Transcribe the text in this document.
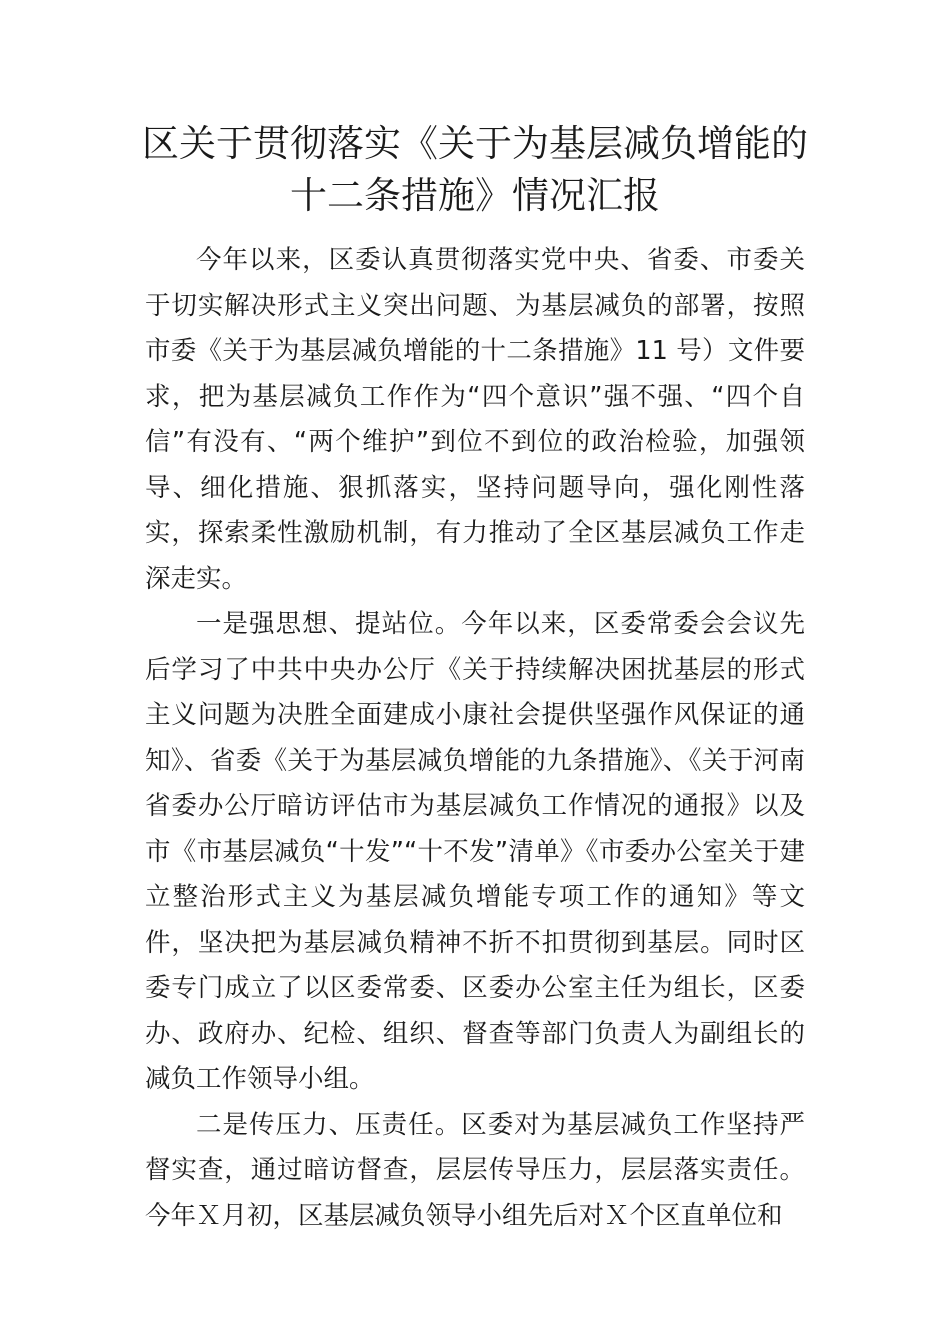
区关于贯彻落实《关于为基层减负增能的
十二条措施》情况汇报

今年以来，区委认真贯彻落实党中央、省委、市委关于切实解决形式主义突出问题、为基层减负的部署，按照市委《关于为基层减负增能的十二条措施》11 号）文件要求，把为基层减负工作作为“四个意识”强不强、“四个自信”有没有、“两个维护”到位不到位的政治检验，加强领导、细化措施、狠抓落实，坚持问题导向，强化刚性落实，探索柔性激励机制，有力推动了全区基层减负工作走深走实。

一是强思想、提站位。今年以来，区委常委会会议先后学习了中共中央办公厅《关于持续解决困扰基层的形式主义问题为决胜全面建成小康社会提供坚强作风保证的通知》、省委《关于为基层减负增能的九条措施》、《关于河南省委办公厅暗访评估市为基层减负工作情况的通报》以及市《市基层减负“十发”“十不发”清单》《市委办公室关于建立整治形式主义为基层减负增能专项工作的通知》等文件，坚决把为基层减负精神不折不扣贯彻到基层。同时区委专门成立了以区委常委、区委办公室主任为组长，区委办、政府办、纪检、组织、督查等部门负责人为副组长的减负工作领导小组。

二是传压力、压责任。区委对为基层减负工作坚持严督实查，通过暗访督查，层层传导压力，层层落实责任。今年Ｘ月初，区基层减负领导小组先后对Ｘ个区直单位和
